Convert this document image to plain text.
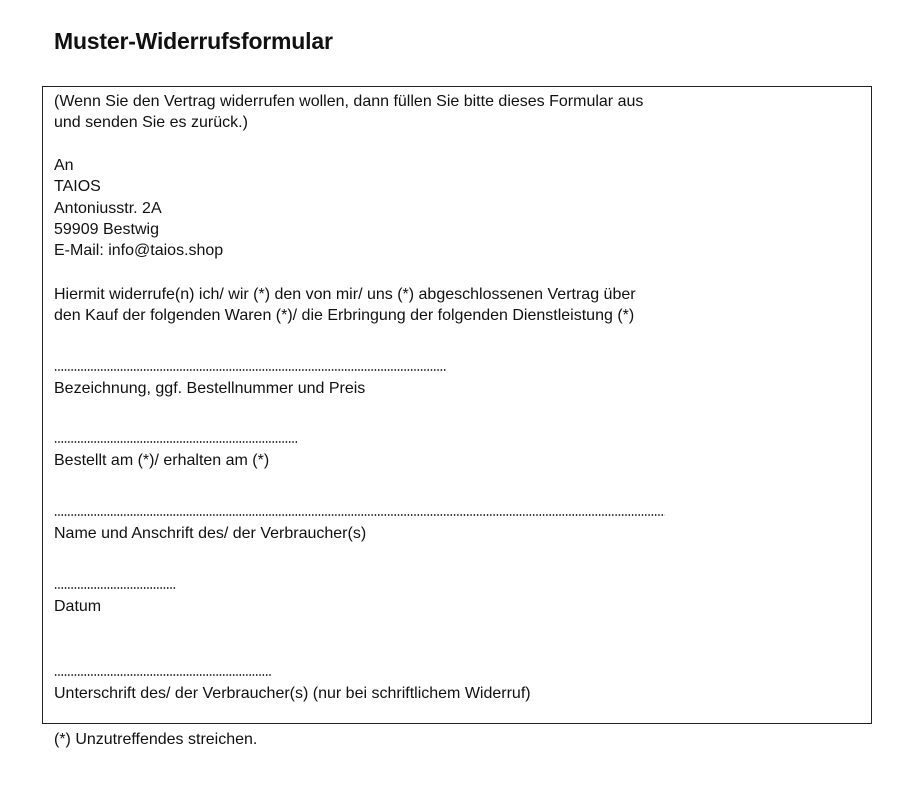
Muster-Widerrufsformular
(Wenn Sie den Vertrag widerrufen wollen, dann füllen Sie bitte dieses Formular aus
und senden Sie es zurück.)
An
TAIOS
Antoniusstr. 2A
59909 Bestwig
E-Mail: info@taios.shop
Hiermit widerrufe(n) ich/ wir (*) den von mir/ uns (*) abgeschlossenen Vertrag über
den Kauf der folgenden Waren (*)/ die Erbringung der folgenden Dienstleistung (*)
Bezeichnung, ggf. Bestellnummer und Preis
Bestellt am (*)/ erhalten am (*)
Name und Anschrift des/ der Verbraucher(s)
Datum
Unterschrift des/ der Verbraucher(s) (nur bei schriftlichem Widerruf)
(*) Unzutreffendes streichen.
